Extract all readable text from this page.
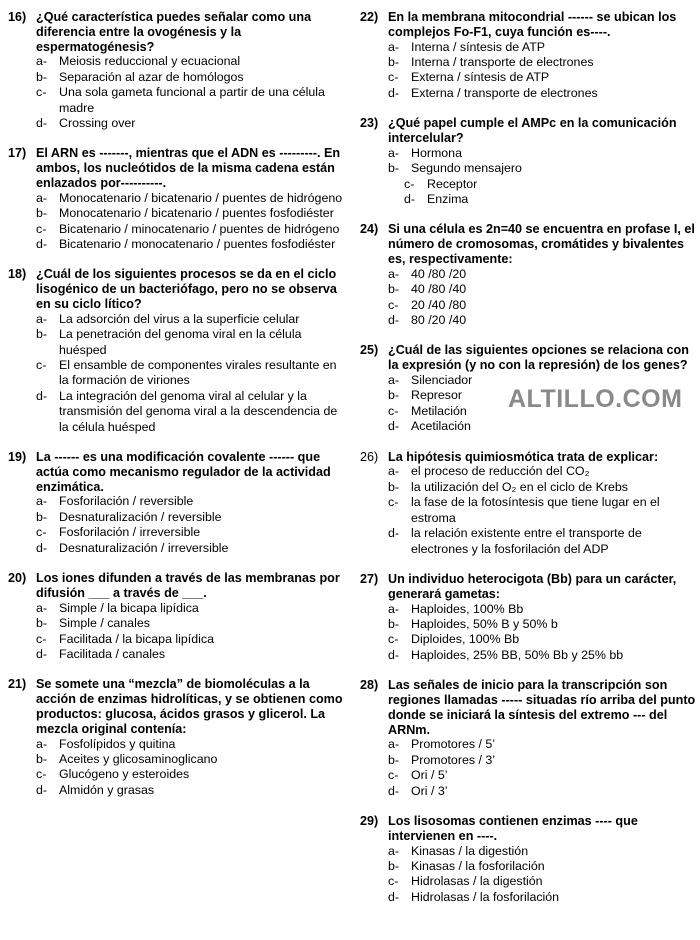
16) ¿Qué característica puedes señalar como una diferencia entre la ovogénesis y la espermatogénesis?
a- Meiosis reduccional y ecuacional
b- Separación al azar de homólogos
c-	Una sola gameta funcional a partir de una célula madre
d- Crossing over
17) El ARN es -------, mientras que el ADN es ---------. En ambos, los nucleótidos de la misma cadena están enlazados por----------.
a- Monocatenario / bicatenario / puentes de hidrógeno
b- Monocatenario / bicatenario / puentes fosfodiéster
c-	Bicatenario / minocatenario / puentes de hidrógeno
d- Bicatenario / monocatenario / puentes fosfodiéster
18) ¿Cuál de los siguientes procesos se da en el ciclo lisogénico de un bacteriófago, pero no se observa en su ciclo lítico?
a- La adsorción del virus a la superficie celular
b- La penetración del genoma viral en la célula huésped
c-	El ensamble de componentes virales resultante en la formación de viriones
d- La integración del genoma viral al celular y la transmisión del genoma viral a la descendencia de la célula huésped
19) La ------ es una modificación covalente ------ que actúa como mecanismo regulador de la actividad enzimática.
a- Fosforilación / reversible
b- Desnaturalización / reversible
c-	Fosforilación / irreversible
d- Desnaturalización / irreversible
20) Los iones difunden a través de las membranas por difusión ___ a través de ___.
a- Simple / la bicapa lipídica
b- Simple / canales
c-	Facilitada / la bicapa lipídica
d- Facilitada / canales
21) Se somete una “mezcla” de biomoléculas a la acción de enzimas hidrolíticas, y se obtienen como productos: glucosa, ácidos grasos y glicerol. La mezcla original contenía:
a- Fosfolípidos y quitina
b- Aceites y glicosaminoglicano
c-	Glucógeno y esteroides
d- Almidón y grasas
22) En la membrana mitocondrial ------ se ubican los complejos Fo-F1, cuya función es----.
a- Interna / síntesis de ATP
b- Interna / transporte de electrones
c-	Externa / síntesis de ATP
d- Externa / transporte de electrones
23) ¿Qué papel cumple el AMPc en la comunicación intercelular?
a- Hormona
b- Segundo mensajero
c-	Receptor
d- Enzima
24) Si una célula es 2n=40 se encuentra en profase I, el número de cromosomas, cromátides y bivalentes es, respectivamente:
a- 40 /80 /20
b- 40 /80 /40
c-	20 /40 /80
d- 80 /20 /40
25) ¿Cuál de las siguientes opciones se relaciona con la expresión (y no con la represión) de los genes?
a- Silenciador
b- Represor
c-	Metilación
d- Acetilación
26) La hipótesis quimiosmótica trata de explicar:
a- el proceso de reducción del CO₂
b- la utilización del O₂ en el ciclo de Krebs
c-	la fase de la fotosíntesis que tiene lugar en el estroma
d- la relación existente entre el transporte de electrones y la fosforilación del ADP
27) Un individuo heterocigota (Bb) para un carácter, generará gametas:
a- Haploides, 100% Bb
b- Haploides, 50% B y 50% b
c-	Diploides, 100% Bb
d- Haploides, 25% BB, 50% Bb y 25% bb
28) Las señales de inicio para la transcripción son regiones llamadas ----- situadas río arriba del punto donde se iniciará la síntesis del extremo --- del ARNm.
a- Promotores / 5’
b- Promotores / 3’
c-	Ori / 5’
d- Ori / 3’
29) Los lisosomas contienen enzimas ---- que intervienen en ----.
a- Kinasas / la digestión
b- Kinasas / la fosforilación
c-	Hidrolasas / la digestión
d- Hidrolasas / la fosforilación
ALTILLO.COM
